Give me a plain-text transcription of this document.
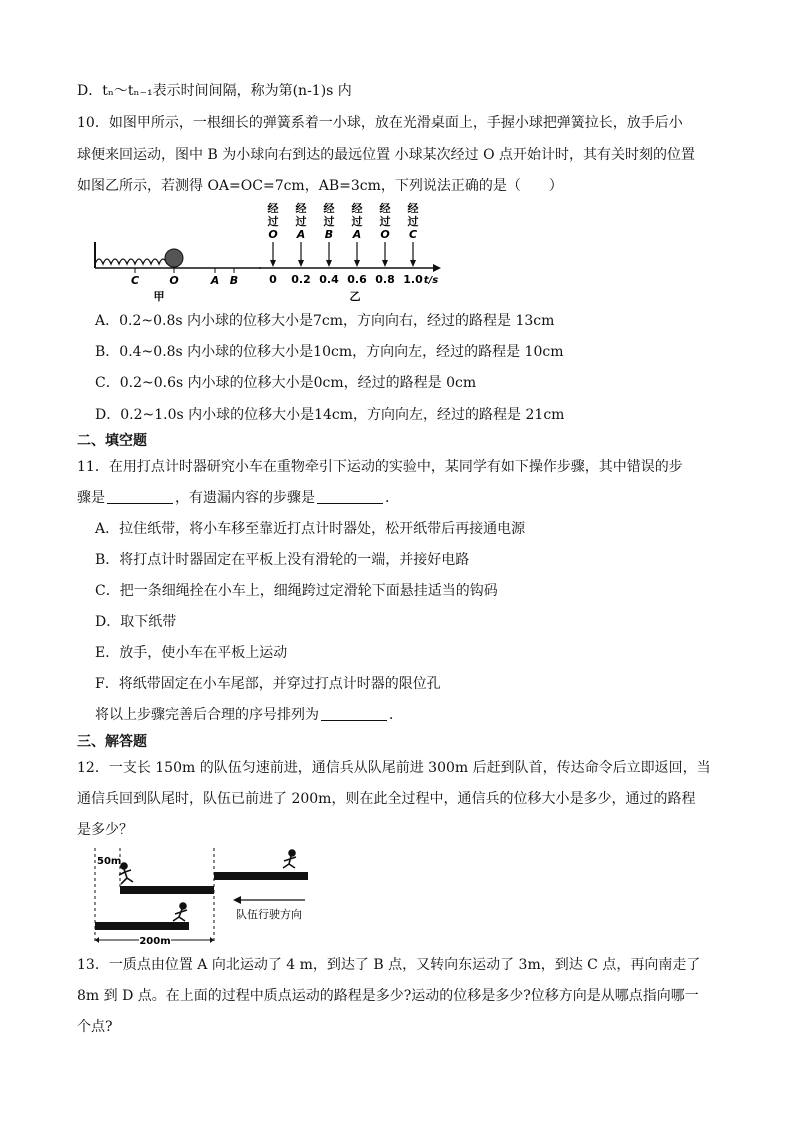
D．tₙ～tₙ₋₁表示时间间隔，称为第(n-1)s 内
10．如图甲所示，一根细长的弹簧系着一小球，放在光滑桌面上，手握小球把弹簧拉长，放手后小
球便来回运动，图中 B 为小球向右到达的最远位置 小球某次经过 O 点开始计时，其有关时刻的位置
如图乙所示，若测得 OA=OC=7cm，AB=3cm，下列说法正确的是（　　）
C	O	A B
甲
经
过
O
0
经
过
A
0.2
经
过
B
0.4
经
过
A
0.6
经
过
O
0.8
经
过
C
1.0 t/s
乙
A．0.2~0.8s 内小球的位移大小是7cm，方向向右，经过的路程是 13cm
B．0.4~0.8s 内小球的位移大小是10cm，方向向左，经过的路程是 10cm
C．0.2~0.6s 内小球的位移大小是0cm，经过的路程是 0cm
D．0.2~1.0s 内小球的位移大小是14cm，方向向左，经过的路程是 21cm
二、填空题
11．在用打点计时器研究小车在重物牵引下运动的实验中，某同学有如下操作步骤，其中错误的步
骤是	，有遗漏内容的步骤是	．
A．拉住纸带，将小车移至靠近打点计时器处，松开纸带后再接通电源
B．将打点计时器固定在平板上没有滑轮的一端，并接好电路
C．把一条细绳拴在小车上，细绳跨过定滑轮下面悬挂适当的钩码
D．取下纸带
E．放手，使小车在平板上运动
F．将纸带固定在小车尾部，并穿过打点计时器的限位孔
将以上步骤完善后合理的序号排列为	．
三、解答题
12．一支长 150m 的队伍匀速前进，通信兵从队尾前进 300m 后赶到队首，传达命令后立即返回，当
通信兵回到队尾时，队伍已前进了 200m，则在此全过程中，通信兵的位移大小是多少，通过的路程
是多少？
50m
队伍行驶方向
200m
13．一质点由位置 A 向北运动了 4 m，到达了 B 点，又转向东运动了 3m，到达 C 点，再向南走了
8m 到 D 点。在上面的过程中质点运动的路程是多少?运动的位移是多少?位移方向是从哪点指向哪一
个点?
